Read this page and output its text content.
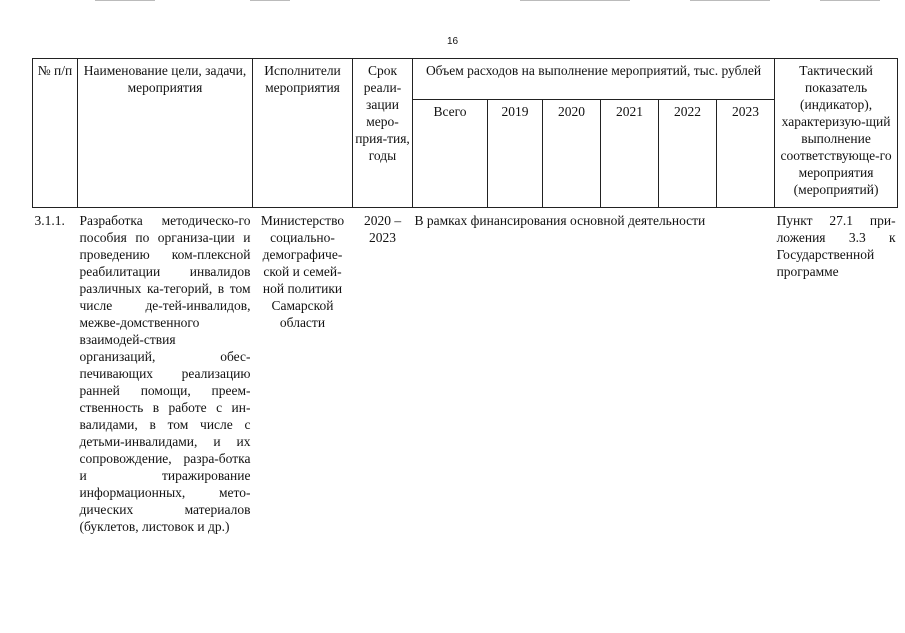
16
№ п/п	Наименование цели, задачи, мероприятия	Исполнители мероприятия	Срок реали-зации меро-прия-тия, годы	Объем расходов на выполнение мероприятий, тыс. рублей						Тактический показатель (индикатор), характеризую-щий выполнение соответствующе-го мероприятия (мероприятий)
				Всего	2019	2020	2021	2022	2023	
3.1.1.	Разработка методическо-го пособия по организа-ции и проведению ком-плексной реабилитации инвалидов различных ка-тегорий, в том числе де-тей-инвалидов, межве-домственного взаимодей-ствия организаций, обес-печивающих реализацию ранней помощи, преем-ственность в работе с ин-валидами, в том числе с детьми-инвалидами, и их сопровождение, разра-ботка и тиражирование информационных, мето-дических материалов (буклетов, листовок и др.)	Министерство социально-демографиче-ской и семей-ной политики Самарской области	2020 – 2023	В рамках финансирования основной деятельности						Пункт 27.1 при-ложения 3.3 к Государственной программе
